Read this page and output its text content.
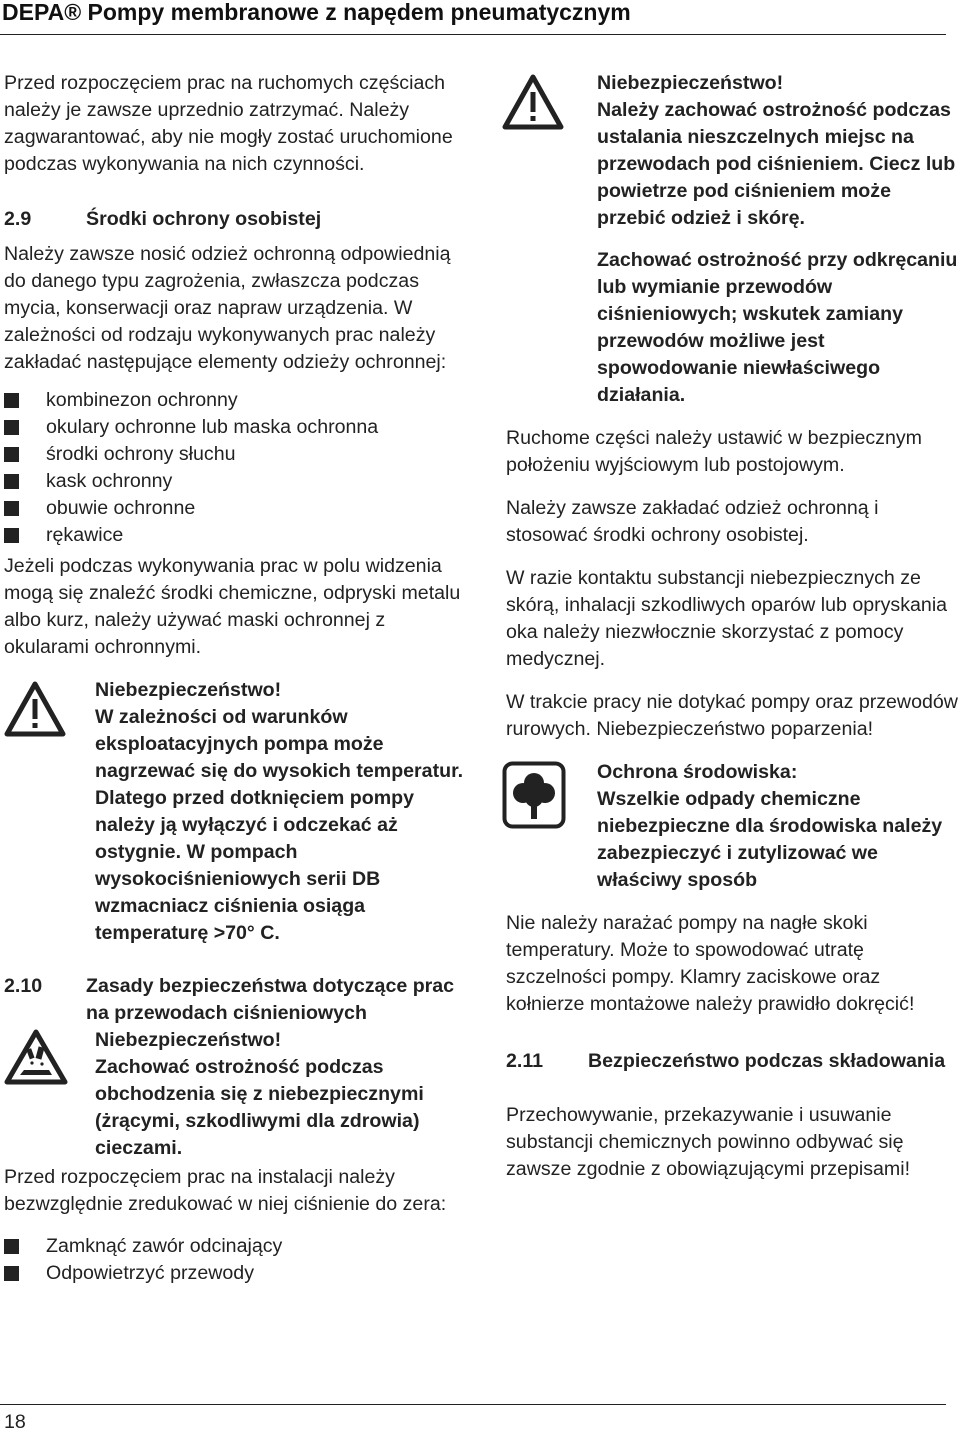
DEPA® Pompy membranowe z napędem pneumatycznym

Przed rozpoczęciem prac na ruchomych częściach należy je zawsze uprzednio zatrzymać. Należy zagwarantować, aby nie mogły zostać uruchomione podczas wykonywania na nich czynności.

2.9	Środki ochrony osobistej

Należy zawsze nosić odzież ochronną odpowiednią do danego typu zagrożenia, zwłaszcza podczas mycia, konserwacji oraz napraw urządzenia. W zależności od rodzaju wykonywanych prac należy zakładać następujące elementy odzieży ochronnej:

kombinezon ochronny
okulary ochronne lub maska ochronna
środki ochrony słuchu
kask ochronny
obuwie ochronne
rękawice

Jeżeli podczas wykonywania prac w polu widzenia mogą się znaleźć środki chemiczne, odpryski metalu albo kurz, należy używać maski ochronnej z okularami ochronnymi.

Niebezpieczeństwo!
W zależności od warunków eksploatacyjnych pompa może nagrzewać się do wysokich temperatur. Dlatego przed dotknięciem pompy należy ją wyłączyć i odczekać aż ostygnie. W pompach wysokociśnieniowych serii DB wzmacniacz ciśnienia osiąga temperaturę >70° C.
2.10 Zasady bezpieczeństwa dotyczące prac na przewodach ciśnieniowych
Niebezpieczeństwo!
Zachować ostrożność podczas obchodzenia się z niebezpiecznymi (żrącymi, szkodliwymi dla zdrowia) cieczami.

Przed rozpoczęciem prac na instalacji należy bezwzględnie zredukować w niej ciśnienie do zera:

Zamknąć zawór odcinający
Odpowietrzyć przewody
Niebezpieczeństwo!
Należy zachować ostrożność podczas ustalania nieszczelnych miejsc na przewodach pod ciśnieniem. Ciecz lub powietrze pod ciśnieniem może przebić odzież i skórę.
Zachować ostrożność przy odkręcaniu lub wymianie przewodów ciśnieniowych; wskutek zamiany przewodów możliwe jest spowodowanie niewłaściwego działania.

Ruchome części należy ustawić w bezpiecznym położeniu wyjściowym lub postojowym.

Należy zawsze zakładać odzież ochronną i stosować środki ochrony osobistej.

W razie kontaktu substancji niebezpiecznych ze skórą, inhalacji szkodliwych oparów lub opryskania oka należy niezwłocznie skorzystać z pomocy medycznej.

W trakcie pracy nie dotykać pompy oraz przewodów rurowych. Niebezpieczeństwo poparzenia!

Ochrona środowiska:
Wszelkie odpady chemiczne niebezpieczne dla środowiska należy zabezpieczyć i zutylizować we właściwy sposób

Nie należy narażać pompy na nagłe skoki temperatury. Może to spowodować utratę szczelności pompy. Klamry zaciskowe oraz kołnierze montażowe należy prawidło dokręcić!

2.11 Bezpieczeństwo podczas składowania

Przechowywanie, przekazywanie i usuwanie substancji chemicznych powinno odbywać się zawsze zgodnie z obowiązującymi przepisami!

18
